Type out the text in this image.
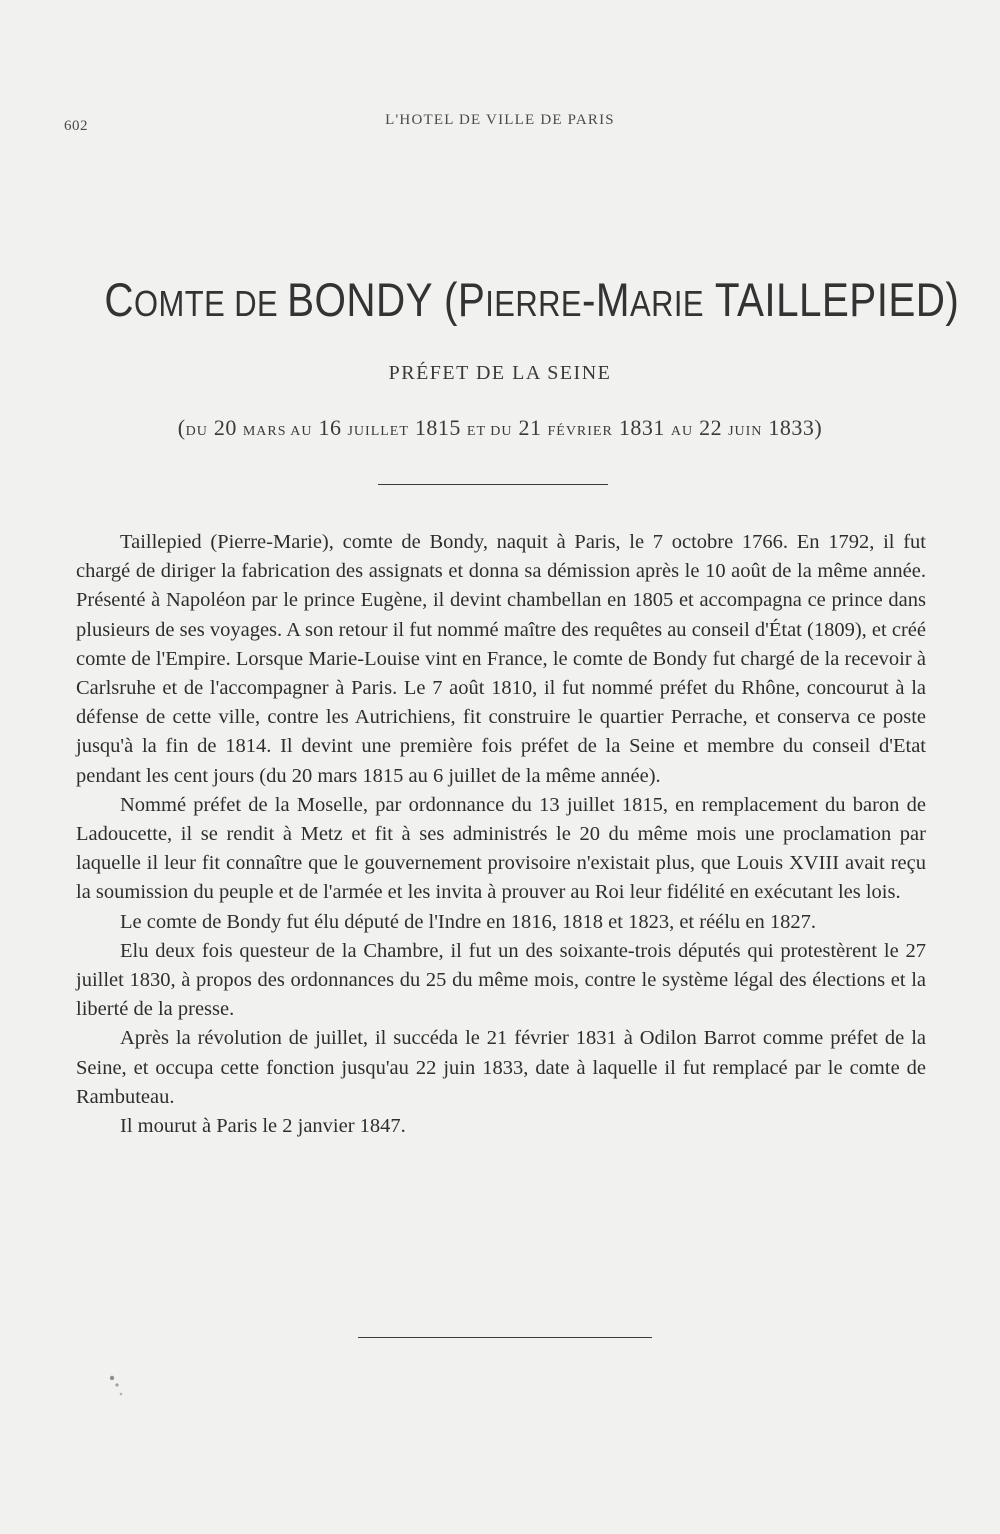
602	L'HOTEL DE VILLE DE PARIS
COMTE DE BONDY (PIERRE-MARIE TAILLEPIED)
PRÉFET DE LA SEINE
(DU 20 MARS AU 16 JUILLET 1815 ET DU 21 FÉVRIER 1831 AU 22 JUIN 1833)

Taillepied (Pierre-Marie), comte de Bondy, naquit à Paris, le 7 octobre 1766. En 1792, il fut chargé de diriger la fabrication des assignats et donna sa démission après le 10 août de la même année. Présenté à Napoléon par le prince Eugène, il devint chambellan en 1805 et accompagna ce prince dans plusieurs de ses voyages. A son retour il fut nommé maître des requêtes au conseil d'État (1809), et créé comte de l'Empire. Lorsque Marie-Louise vint en France, le comte de Bondy fut chargé de la recevoir à Carlsruhe et de l'accompagner à Paris. Le 7 août 1810, il fut nommé préfet du Rhône, concourut à la défense de cette ville, contre les Autrichiens, fit construire le quartier Perrache, et conserva ce poste jusqu'à la fin de 1814. Il devint une première fois préfet de la Seine et membre du conseil d'Etat pendant les cent jours (du 20 mars 1815 au 6 juillet de la même année).

Nommé préfet de la Moselle, par ordonnance du 13 juillet 1815, en remplacement du baron de Ladoucette, il se rendit à Metz et fit à ses administrés le 20 du même mois une proclamation par laquelle il leur fit connaître que le gouvernement provisoire n'existait plus, que Louis XVIII avait reçu la soumission du peuple et de l'armée et les invita à prouver au Roi leur fidélité en exécutant les lois.

Le comte de Bondy fut élu député de l'Indre en 1816, 1818 et 1823, et réélu en 1827.

Elu deux fois questeur de la Chambre, il fut un des soixante-trois députés qui protestèrent le 27 juillet 1830, à propos des ordonnances du 25 du même mois, contre le système légal des élections et la liberté de la presse.

Après la révolution de juillet, il succéda le 21 février 1831 à Odilon Barrot comme préfet de la Seine, et occupa cette fonction jusqu'au 22 juin 1833, date à laquelle il fut remplacé par le comte de Rambuteau.

Il mourut à Paris le 2 janvier 1847.
